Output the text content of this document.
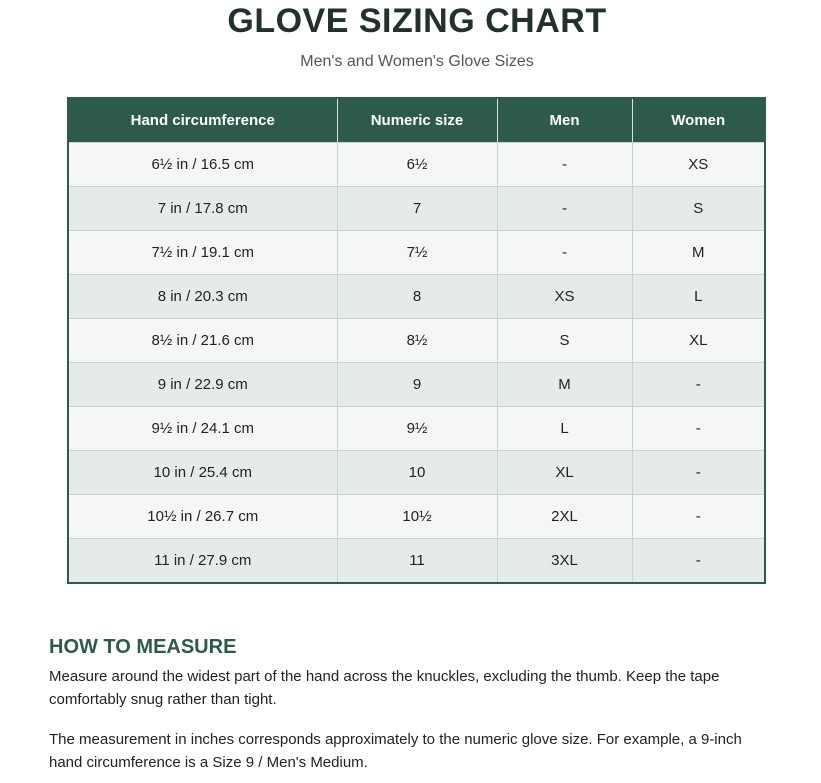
GLOVE SIZING CHART
Men's and Women's Glove Sizes
Hand circumference	Numeric size	Men	Women
6½ in / 16.5 cm	6½	-	XS
7 in / 17.8 cm	7	-	S
7½ in / 19.1 cm	7½	-	M
8 in / 20.3 cm	8	XS	L
8½ in / 21.6 cm	8½	S	XL
9 in / 22.9 cm	9	M	-
9½ in / 24.1 cm	9½	L	-
10 in / 25.4 cm	10	XL	-
10½ in / 26.7 cm	10½	2XL	-
11 in / 27.9 cm	11	3XL	-
HOW TO MEASURE
Measure around the widest part of the hand across the knuckles, excluding the thumb. Keep the tape comfortably snug rather than tight.
The measurement in inches corresponds approximately to the numeric glove size. For example, a 9-inch hand circumference is a Size 9 / Men's Medium.
